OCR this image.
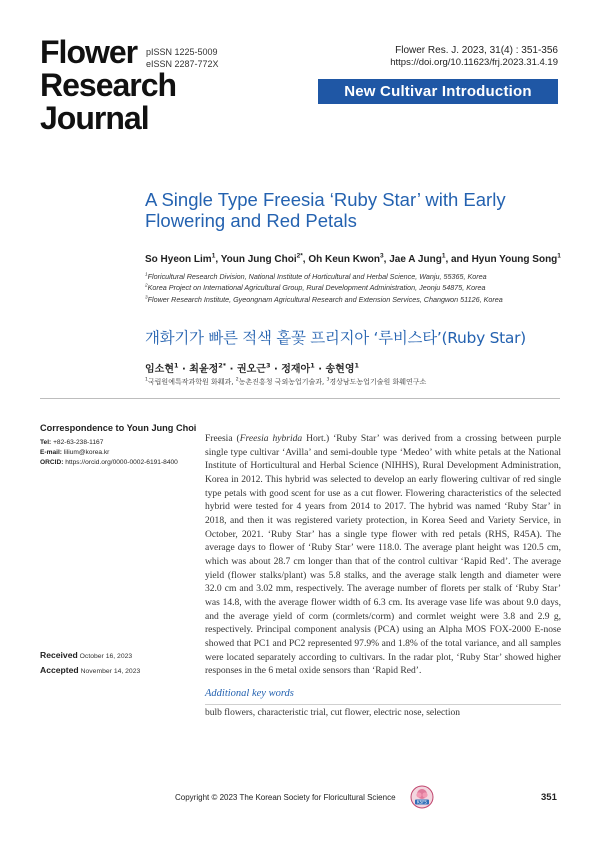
Flower
Research
Journal
pISSN 1225-5009
eISSN 2287-772X
Flower Res. J. 2023, 31(4) : 351-356
https://doi.org/10.11623/frj.2023.31.4.19
New Cultivar Introduction
A Single Type Freesia ‘Ruby Star’ with Early
Flowering and Red Petals
So Hyeon Lim$^1$, Youn Jung Choi$^{2*}$, Oh Keun Kwon$^3$, Jae A Jung$^1$, and Hyun Young Song$^1$
$^1$Floricultural Research Division, National Institute of Horticultural and Herbal Science, Wanju, 55365, Korea
$^2$Korea Project on International Agricultural Group, Rural Development Administration, Jeonju 54875, Korea
$^3$Flower Research Institute, Gyeongnam Agricultural Research and Extension Services, Changwon 51126, Korea
개화기가 빠른 적색 홑꽃 프리지아 ‘루비스타’(Ruby Star)
임소현$^1$ · 최윤정$^{2*}$ · 권오근$^3$ · 정재아$^1$ · 송현영$^1$
$^1$국립원예특작과학원 화훼과, $^2$농촌진흥청 국외농업기술과, $^3$경상남도농업기술원 화훼연구소
Correspondence to Youn Jung Choi
Tel: +82-63-238-1167
E-mail: lilium@korea.kr
ORCID: https://orcid.org/0000-0002-6191-8400
Received October 16, 2023
Accepted November 14, 2023
Freesia (Freesia hybrida Hort.) ‘Ruby Star’ was derived from a crossing between purple single type cultivar ‘Avilla’ and semi-double type ‘Medeo’ with white petals at the National Institute of Horticultural and Herbal Science (NIHHS), Rural Development Administration, Korea in 2012. This hybrid was selected to develop an early flowering cultivar of red single type petals with good scent for use as a cut flower. Flowering characteristics of the selected hybrid were tested for 4 years from 2014 to 2017. The hybrid was named ‘Ruby Star’ in 2018, and then it was registered variety protection, in Korea Seed and Variety Service, in October, 2021. ‘Ruby Star’ has a single type flower with red petals (RHS, R45A). The average days to flower of ‘Ruby Star’ were 118.0. The average plant height was 120.5 cm, which was about 28.7 cm longer than that of the control cultivar ‘Rapid Red’. The average yield (flower stalks/plant) was 5.8 stalks, and the average stalk length and diameter were 32.0 cm and 3.02 mm, respectively. The average number of florets per stalk of ‘Ruby Star’ was 14.8, with the average flower width of 6.3 cm. Its average vase life was about 9.0 days, and the average yield of corm (cormlets/corm) and cormlet weight were 3.8 and 2.9 g, respectively. Principal component analysis (PCA) using an Alpha MOS FOX-2000 E-nose showed that PC1 and PC2 represented 97.9% and 1.8% of the total variance, and all samples were located separately according to cultivars. In the radar plot, ‘Ruby Star’ showed higher responses in the 6 metal oxide sensors than ‘Rapid Red’.
Additional key words
bulb flowers, characteristic trial, cut flower, electric nose, selection
Copyright © 2023 The Korean Society for Floricultural Science
KSFS	351
